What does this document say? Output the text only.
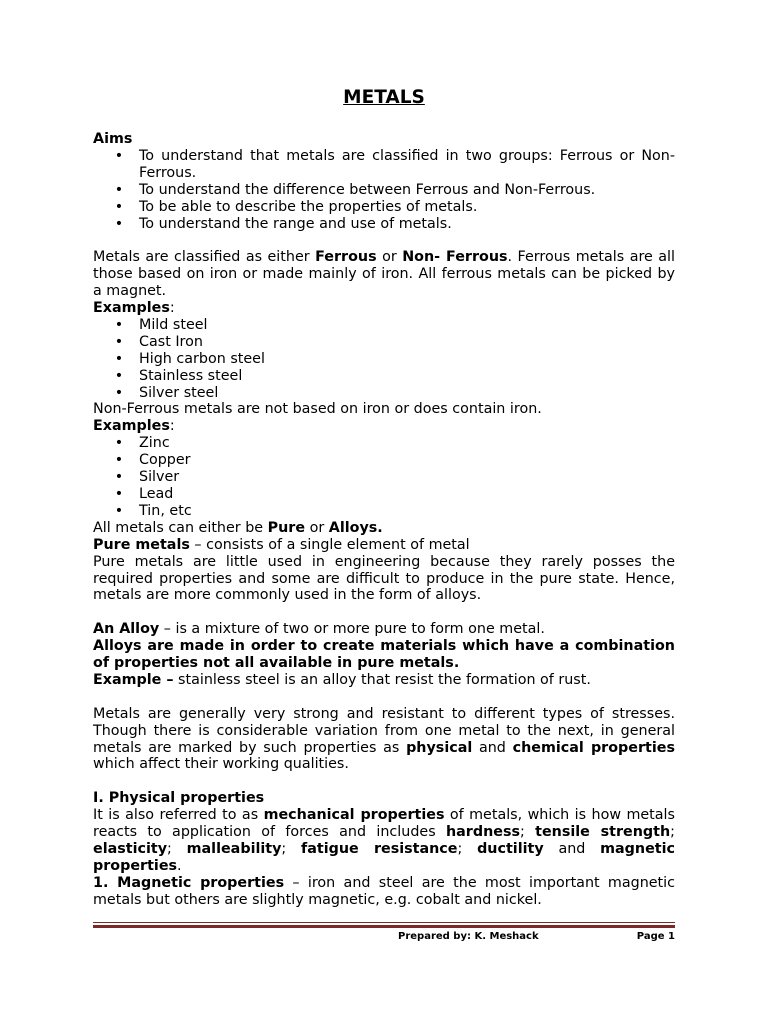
METALS

Aims

• To understand that metals are classified in two groups: Ferrous or Non-Ferrous.
• To understand the difference between Ferrous and Non-Ferrous.
• To be able to describe the properties of metals.
• To understand the range and use of metals.

Metals are classified as either Ferrous or Non- Ferrous. Ferrous metals are all those based on iron or made mainly of iron. All ferrous metals can be picked by a magnet.

Examples:

• Mild steel
• Cast Iron
• High carbon steel
• Stainless steel
• Silver steel

Non-Ferrous metals are not based on iron or does contain iron.

Examples:

• Zinc
• Copper
• Silver
• Lead
• Tin, etc

All metals can either be Pure or Alloys.

Pure metals – consists of a single element of metal

Pure metals are little used in engineering because they rarely posses the required properties and some are difficult to produce in the pure state. Hence, metals are more commonly used in the form of alloys.

An Alloy – is a mixture of two or more pure to form one metal.

Alloys are made in order to create materials which have a combination of properties not all available in pure metals.

Example – stainless steel is an alloy that resist the formation of rust.

Metals are generally very strong and resistant to different types of stresses. Though there is considerable variation from one metal to the next, in general metals are marked by such properties as physical and chemical properties which affect their working qualities.

I. Physical properties

It is also referred to as mechanical properties of metals, which is how metals reacts to application of forces and includes hardness; tensile strength; elasticity; malleability; fatigue resistance; ductility and magnetic properties.

1. Magnetic properties – iron and steel are the most important magnetic metals but others are slightly magnetic, e.g. cobalt and nickel.

Prepared by: K. Meshack	Page 1
